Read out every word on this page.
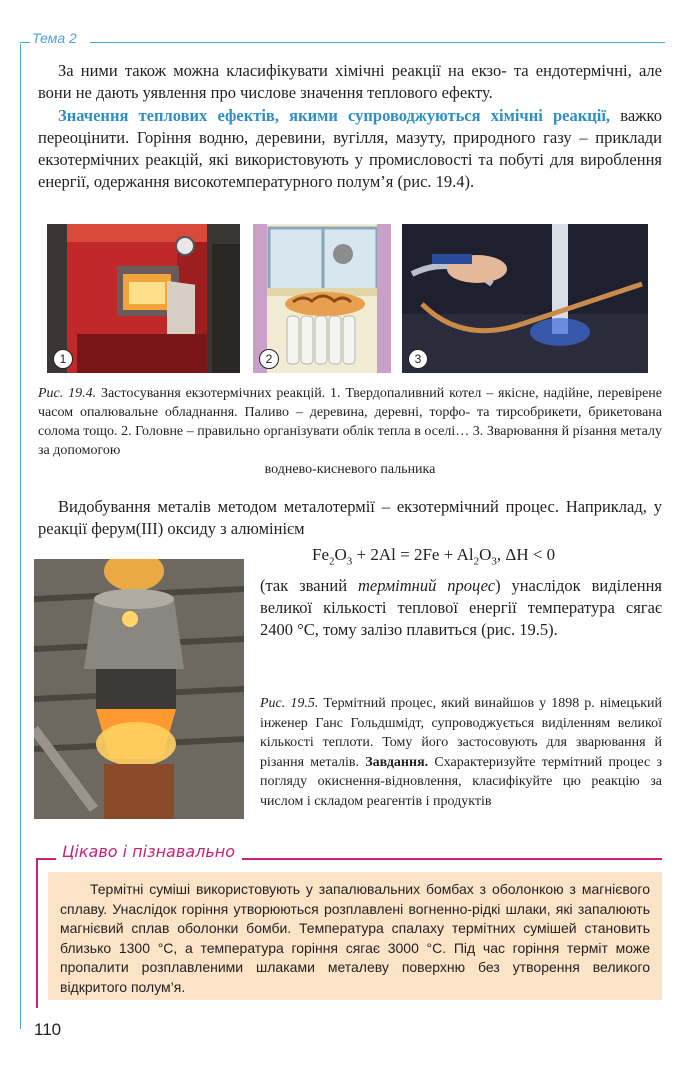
Тема 2
За ними також можна класифікувати хімічні реакції на екзо- та ендотермічні, але вони не дають уявлення про числове значення теплового ефекту.
Значення теплових ефектів, якими супроводжуються хімічні реакції, важко переоцінити. Горіння водню, деревини, вугілля, мазуту, природного газу – приклади екзотермічних реакцій, які використовують у промисловості та побуті для вироблення енергії, одержання високотемпературного полум’я (рис. 19.4).
1	2	3
Рис. 19.4. Застосування екзотермічних реакцій. 1. Твердопаливний котел – якісне, надійне, перевірене часом опалювальне обладнання. Паливо – деревина, деревні, торфо- та тирсобрикети, брикетована солома тощо. 2. Головне – правильно організувати облік тепла в оселі… 3. Зварювання й різання металу за допомогою
воднево-кисневого пальника
Видобування металів методом металотермії – екзотермічний процес. Наприклад, у реакції ферум(ІІІ) оксиду з алюмінієм
$Fe_2O_3 + 2Al = 2Fe + Al_2O_3$, ΔH < 0
(так званий термітний процес) унаслідок виділення великої кількості теплової енергії температура сягає 2400 °С, тому залізо плавиться (рис. 19.5).
Рис. 19.5. Термітний процес, який винайшов у 1898 р. німецький інженер Ганс Гольдшмідт, супроводжується виділенням великої кількості теплоти. Тому його застосовують для зварювання й різання металів. Завдання. Схарактеризуйте термітний процес з погляду окиснення-відновлення, класифікуйте цю реакцію за числом і складом реагентів і продуктів
Цікаво і пізнавально
Термітні суміші використовують у запалювальних бомбах з оболонкою з магнієвого сплаву. Унаслідок горіння утворюються розплавлені вогненно-рідкі шлаки, які запалюють магнієвий сплав оболонки бомби. Температура спалаху термітних сумішей становить близько 1300 °С, а температура горіння сягає 3000 °С. Під час горіння терміт може пропалити розплавленими шлаками металеву поверхню без утворення великого відкритого полум’я.
110
